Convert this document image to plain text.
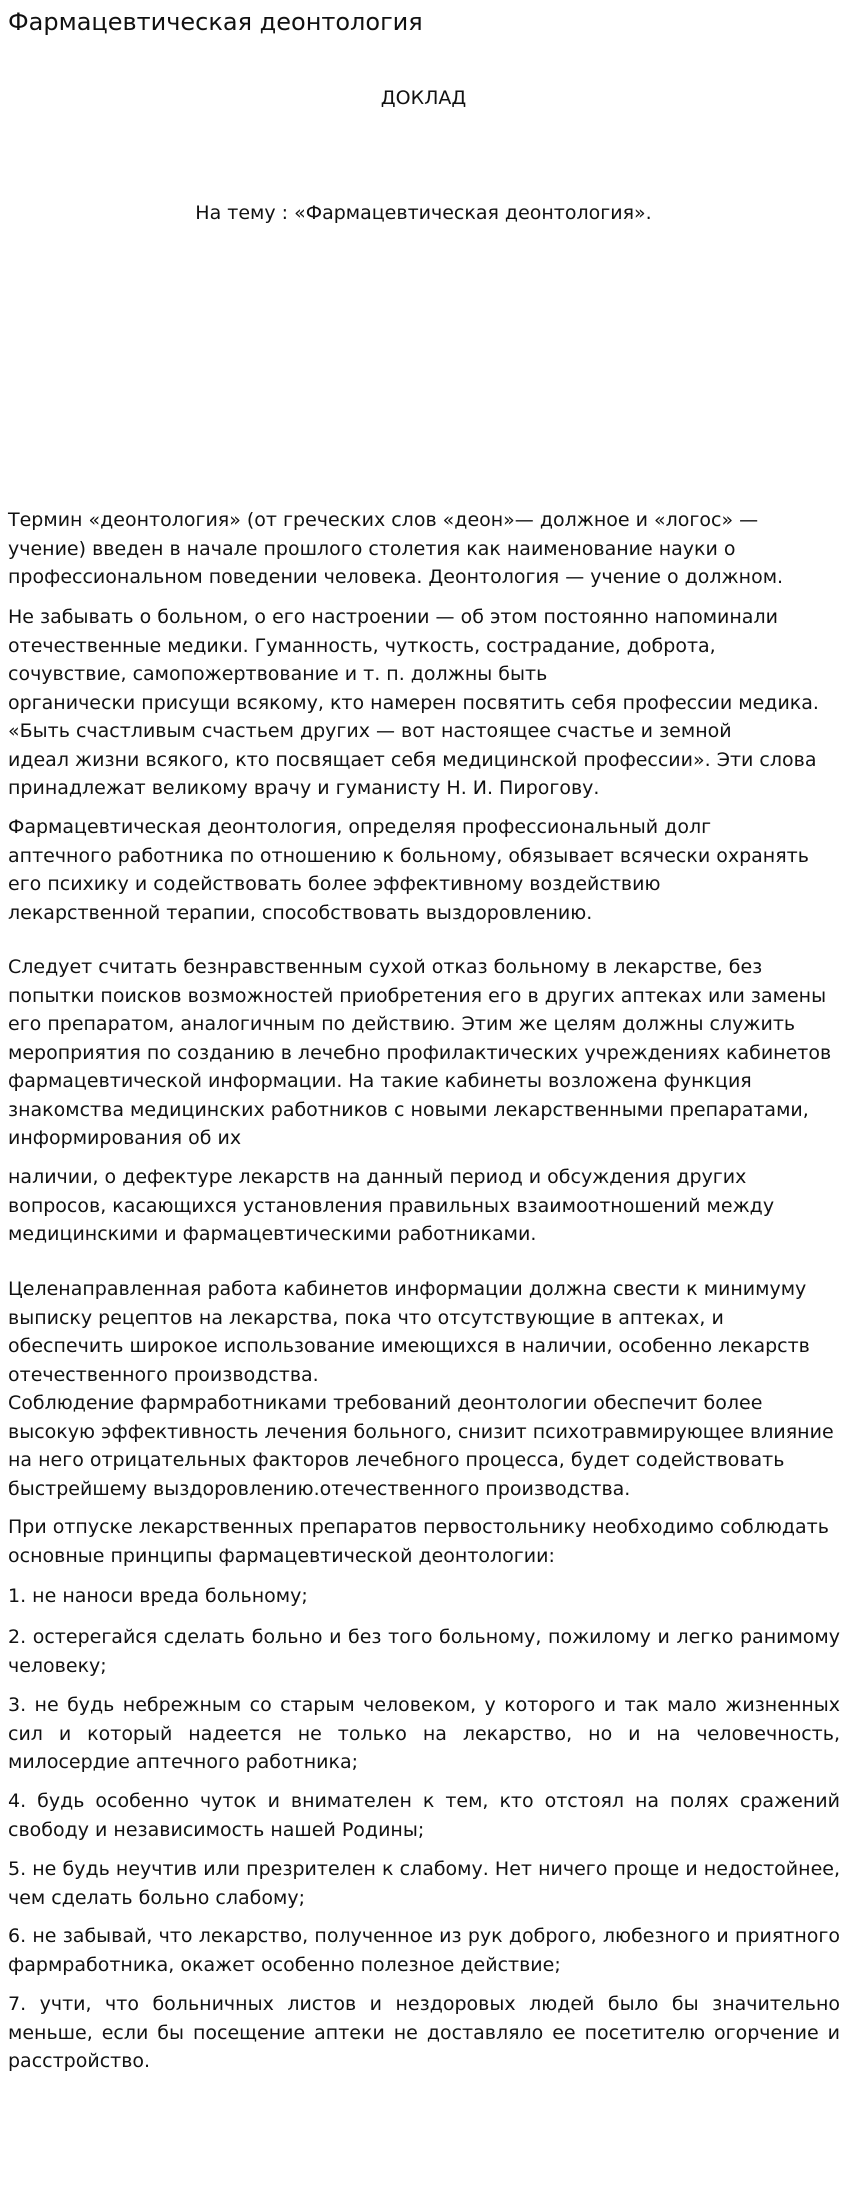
Фармацевтическая деонтология
ДОКЛАД
На тему : «Фармацевтическая деонтология».
Термин «деонтология» (от греческих слов «деон»— должное и «логос» —
учение) введен в начале прошлого столетия как наименование науки о
профессиональном поведении человека. Деонтология — учение о должном.
Не забывать о больном, о его настроении — об этом постоянно напоминали
отечественные медики. Гуманность, чуткость, сострадание, доброта,
сочувствие, самопожертвование и т. п. должны быть
органически присущи всякому, кто намерен посвятить себя профессии медика.
«Быть счастливым счастьем других — вот настоящее счастье и земной
идеал жизни всякого, кто посвящает себя медицинской профессии». Эти слова
принадлежат великому врачу и гуманисту Н. И. Пирогову.
Фармацевтическая деонтология, определяя профессиональный долг
аптечного работника по отношению к больному, обязывает всячески охранять
его психику и содействовать более эффективному воздействию
лекарственной терапии, способствовать выздоровлению.
Следует считать безнравственным сухой отказ больному в лекарстве, без
попытки поисков возможностей приобретения его в других аптеках или замены
его препаратом, аналогичным по действию. Этим же целям должны служить
мероприятия по созданию в лечебно профилактических учреждениях кабинетов
фармацевтической информации. На такие кабинеты возложена функция
знакомства медицинских работников с новыми лекарственными препаратами,
информирования об их
наличии, о дефектуре лекарств на данный период и обсуждения других
вопросов, касающихся установления правильных взаимоотношений между
медицинскими и фармацевтическими работниками.
Целенаправленная работа кабинетов информации должна свести к минимуму
выписку рецептов на лекарства, пока что отсутствующие в аптеках, и
обеспечить широкое использование имеющихся в наличии, особенно лекарств
отечественного производства.
Соблюдение фармработниками требований деонтологии обеспечит более
высокую эффективность лечения больного, снизит психотравмирующее влияние
на него отрицательных факторов лечебного процесса, будет содействовать
быстрейшему выздоровлению.отечественного производства.
При отпуске лекарственных препаратов первостольнику необходимо соблюдать
основные принципы фармацевтической деонтологии:
1. не наноси вреда больному;
2. остерегайся сделать больно и без того больному, пожилому и легко ранимому человеку;
3. не будь небрежным со старым человеком, у которого и так мало жизненных сил и который надеется не только на лекарство, но и на человечность, милосердие аптечного работника;
4. будь особенно чуток и внимателен к тем, кто отстоял на полях сражений свободу и независимость нашей Родины;
5. не будь неучтив или презрителен к слабому. Нет ничего проще и недостойнее, чем сделать больно слабому;
6. не забывай, что лекарство, полученное из рук доброго, любезного и приятного фармработника, окажет особенно полезное действие;
7. учти, что больничных листов и нездоровых людей было бы значительно меньше, если бы посещение аптеки не доставляло ее посетителю огорчение и расстройство.
